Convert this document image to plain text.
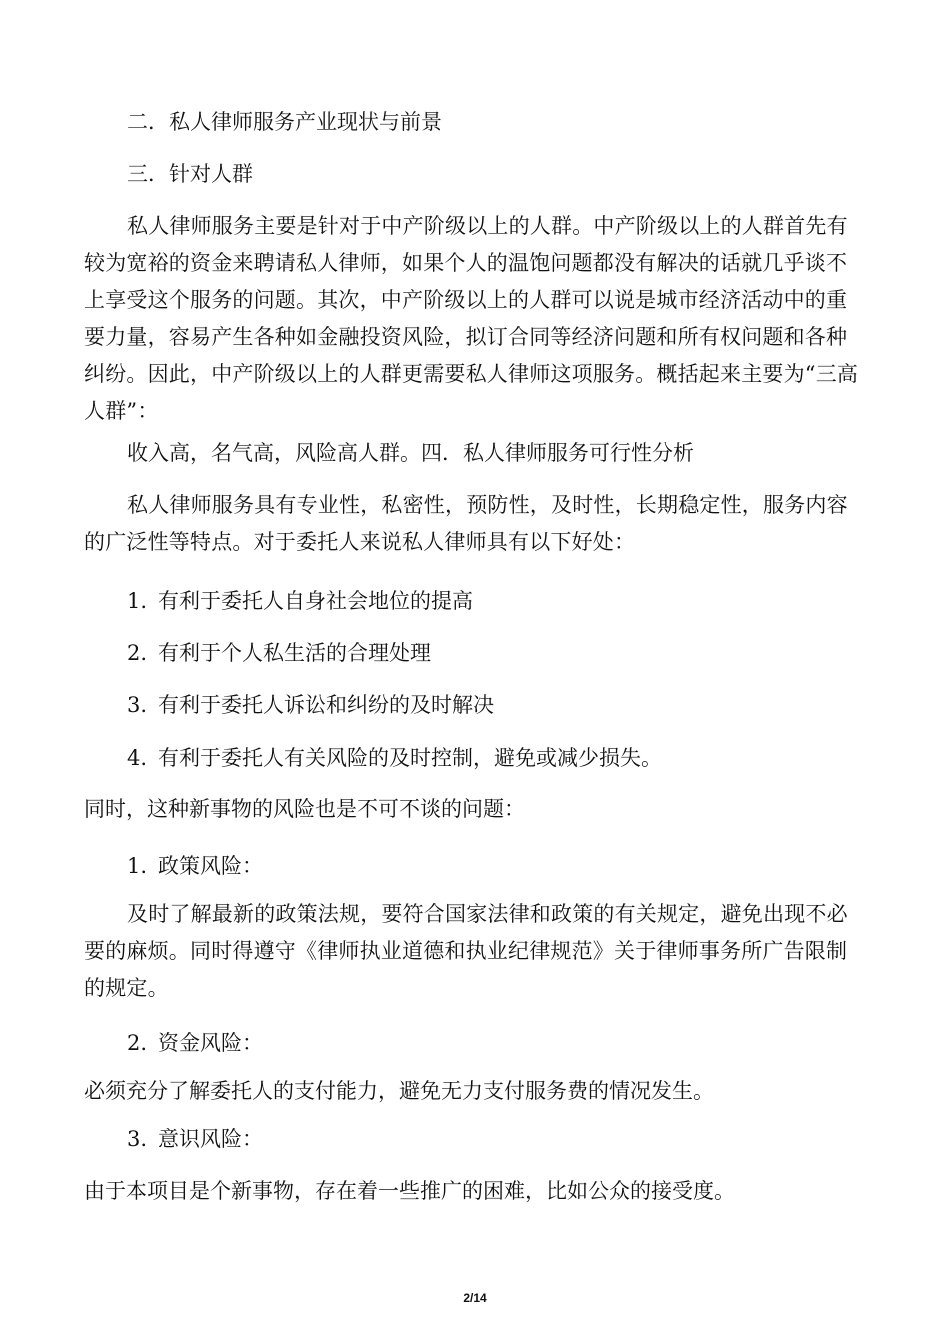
二．私人律师服务产业现状与前景

三．针对人群

私人律师服务主要是针对于中产阶级以上的人群。中产阶级以上的人群首先有较为宽裕的资金来聘请私人律师，如果个人的温饱问题都没有解决的话就几乎谈不上享受这个服务的问题。其次，中产阶级以上的人群可以说是城市经济活动中的重要力量，容易产生各种如金融投资风险，拟订合同等经济问题和所有权问题和各种纠纷。因此，中产阶级以上的人群更需要私人律师这项服务。概括起来主要为“三高人群”：

收入高，名气高，风险高人群。四．私人律师服务可行性分析

私人律师服务具有专业性，私密性，预防性，及时性，长期稳定性，服务内容的广泛性等特点。对于委托人来说私人律师具有以下好处：

1. 有利于委托人自身社会地位的提高

2. 有利于个人私生活的合理处理

3. 有利于委托人诉讼和纠纷的及时解决

4. 有利于委托人有关风险的及时控制，避免或减少损失。

同时，这种新事物的风险也是不可不谈的问题：

1. 政策风险：

及时了解最新的政策法规，要符合国家法律和政策的有关规定，避免出现不必要的麻烦。同时得遵守《律师执业道德和执业纪律规范》关于律师事务所广告限制的规定。

2. 资金风险：

必须充分了解委托人的支付能力，避免无力支付服务费的情况发生。

3. 意识风险：

由于本项目是个新事物，存在着一些推广的困难，比如公众的接受度。

2/14
